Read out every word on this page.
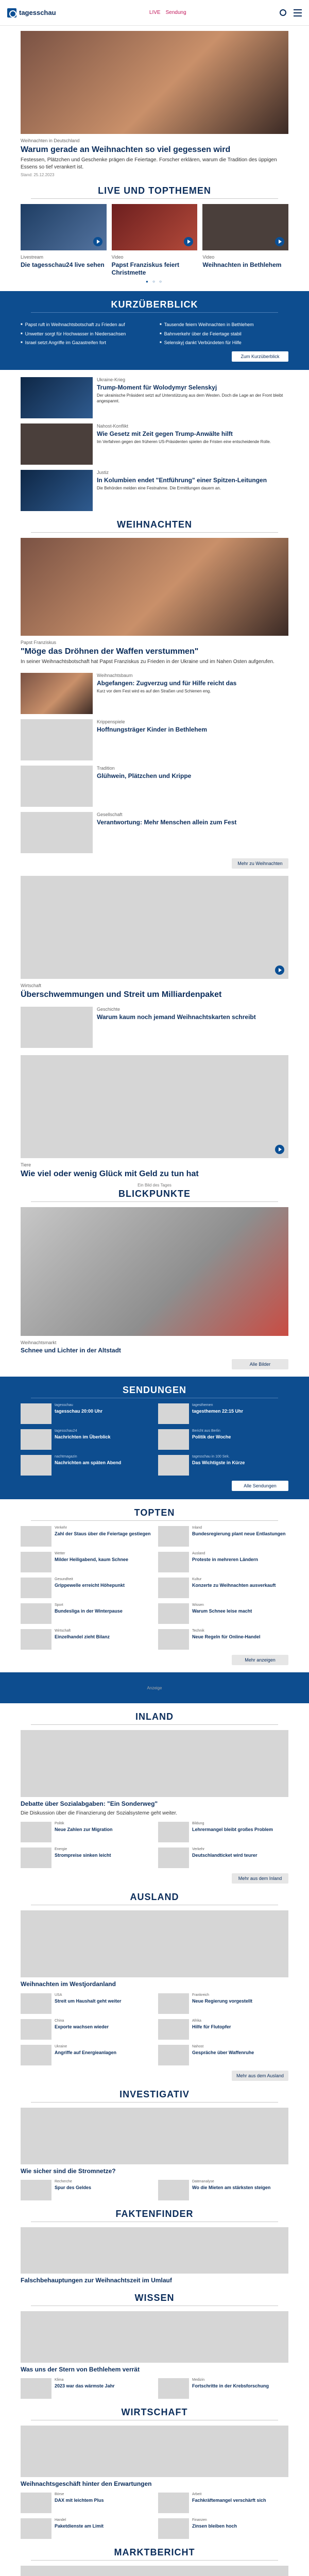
tagesschau	LIVE Sendung
Weihnachten in Deutschland
Warum gerade an Weihnachten so viel gegessen wird
Festessen, Plätzchen und Geschenke prägen die Feiertage. Forscher erklären, warum die Tradition des üppigen Essens so tief verankert ist.
Stand: 25.12.2023
LIVE UND TOPTHEMEN
Livestream
Die tagesschau24 live sehen
Video
Papst Franziskus feiert Christmette
Video
Weihnachten in Bethlehem
● ○ ○
KURZÜBERBLICK
■ Papst ruft in Weihnachtsbotschaft zu Frieden auf	■ Tausende feiern Weihnachten in Bethlehem
■ Unwetter sorgt für Hochwasser in Niedersachsen	■ Bahnverkehr über die Feiertage stabil
■ Israel setzt Angriffe im Gazastreifen fort	■ Selenskyj dankt Verbündeten für Hilfe
Zum Kurzüberblick
Ukraine-Krieg
Trump-Moment für Wolodymyr Selenskyj
Der ukrainische Präsident setzt auf Unterstützung aus dem Westen. Doch die Lage an der Front bleibt angespannt.
Nahost-Konflikt
Wie Gesetz mit Zeit gegen Trump-Anwälte hilft
Im Verfahren gegen den früheren US-Präsidenten spielen die Fristen eine entscheidende Rolle.
Justiz
In Kolumbien endet "Entführung" einer Spitzen-Leitungen
Die Behörden melden eine Festnahme. Die Ermittlungen dauern an.
WEIHNACHTEN
Papst Franziskus
"Möge das Dröhnen der Waffen verstummen"
In seiner Weihnachtsbotschaft hat Papst Franziskus zu Frieden in der Ukraine und im Nahen Osten aufgerufen.
Weihnachtsbaum
Abgefangen: Zugverzug und für Hilfe reicht das
Kurz vor dem Fest wird es auf den Straßen und Schienen eng.
Krippenspiele
Hoffnungsträger Kinder in Bethlehem
Tradition
Glühwein, Plätzchen und Krippe
Gesellschaft
Verantwortung: Mehr Menschen allein zum Fest
Mehr zu Weihnachten
Wirtschaft
Überschwemmungen und Streit um Milliardenpaket
Geschichte
Warum kaum noch jemand Weihnachtskarten schreibt
Tiere
Wie viel oder wenig Glück mit Geld zu tun hat
Ein Bild des Tages
BLICKPUNKTE
Weihnachtsmarkt
Schnee und Lichter in der Altstadt
Alle Bilder
SENDUNGEN
tagesschau
tagesschau 20:00 Uhr
tagesthemen
tagesthemen 22:15 Uhr
tagesschau24
Nachrichten im Überblick
Bericht aus Berlin
Politik der Woche
nachtmagazin
Nachrichten am späten Abend
tagesschau in 100 Sek.
Das Wichtigste in Kürze
Alle Sendungen
TOPTEN
Verkehr
Zahl der Staus über die Feiertage gestiegen
Inland
Bundesregierung plant neue Entlastungen
Wetter
Milder Heiligabend, kaum Schnee
Ausland
Proteste in mehreren Ländern
Gesundheit
Grippewelle erreicht Höhepunkt
Kultur
Konzerte zu Weihnachten ausverkauft
Sport
Bundesliga in der Winterpause
Wissen
Warum Schnee leise macht
Wirtschaft
Einzelhandel zieht Bilanz
Technik
Neue Regeln für Online-Handel
Mehr anzeigen
Anzeige
INLAND
Debatte über Sozialabgaben: "Ein Sonderweg"
Die Diskussion über die Finanzierung der Sozialsysteme geht weiter.
Politik
Neue Zahlen zur Migration
Bildung
Lehrermangel bleibt großes Problem
Energie
Strompreise sinken leicht
Verkehr
Deutschlandticket wird teurer
Mehr aus dem Inland
AUSLAND
Weihnachten im Westjordanland
USA
Streit um Haushalt geht weiter
Frankreich
Neue Regierung vorgestellt
China
Exporte wachsen wieder
Afrika
Hilfe für Flutopfer
Ukraine
Angriffe auf Energieanlagen
Nahost
Gespräche über Waffenruhe
Mehr aus dem Ausland
INVESTIGATIV
Wie sicher sind die Stromnetze?
Recherche
Spur des Geldes
Datenanalyse
Wo die Mieten am stärksten steigen
FAKTENFINDER
Falschbehauptungen zur Weihnachtszeit im Umlauf
WISSEN
Was uns der Stern von Bethlehem verrät
Klima
2023 war das wärmste Jahr
Medizin
Fortschritte in der Krebsforschung
WIRTSCHAFT
Weihnachtsgeschäft hinter den Erwartungen
Börse
DAX mit leichtem Plus
Arbeit
Fachkräftemangel verschärft sich
Handel
Paketdienste am Limit
Finanzen
Zinsen bleiben hoch
MARKTBERICHT
